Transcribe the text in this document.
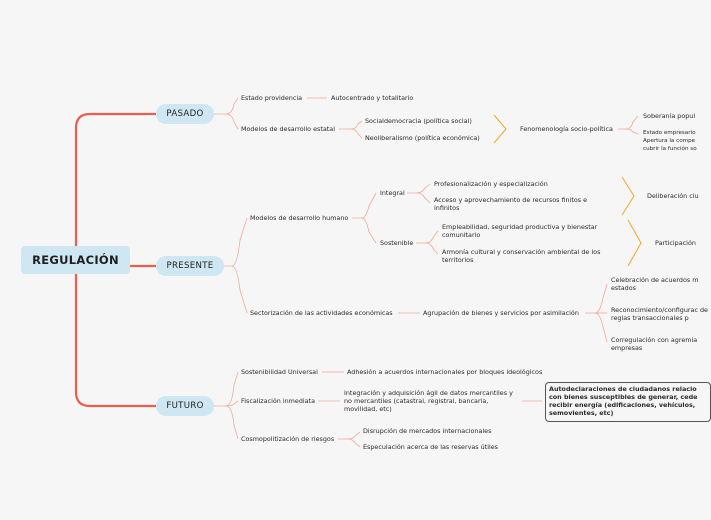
REGULACIÓN
PASADO
Estado providencia	Autocentrado y totalitario
Modelos de desarrollo estatal
Socialdemocracia (política social)
Neoliberalismo (política económica)
Fenomenología socio-política
Soberanía popul
Estado empresario
Apertura la compe
cubrir la función so
PRESENTE
Modelos de desarrollo humano
Integral
Profesionalización y especialización
Acceso y aprovechamiento de recursos finitos e infinitos
Deliberación ciu
Sostenible
Empleabilidad, seguridad productiva y bienestar comunitario
Armonía cultural y conservación ambiental de los territorios
Participación
Sectorización de las actividades económicas	Agrupación de bienes y servicios por asimilación
Celebración de acuerdos m estados
Reconocimiento/configurac de reglas transaccionales p
Corregulación con agremia empresas
FUTURO
Sostenibilidad Universal	Adhesión a acuerdos internacionales por bloques ideológicos
Fiscalización inmediata
Integración y adquisición ágil de datos mercantiles y no mercantiles (catastral, registral, bancaria, movilidad, etc)
Autodeclaraciones de ciudadanos relacio con bienes susceptibles de generar, cede recibir energía (edificaciones, vehículos, semovientes, etc)
Cosmopolitización de riesgos
Disrupción de mercados internacionales
Especulación acerca de las reservas útiles
